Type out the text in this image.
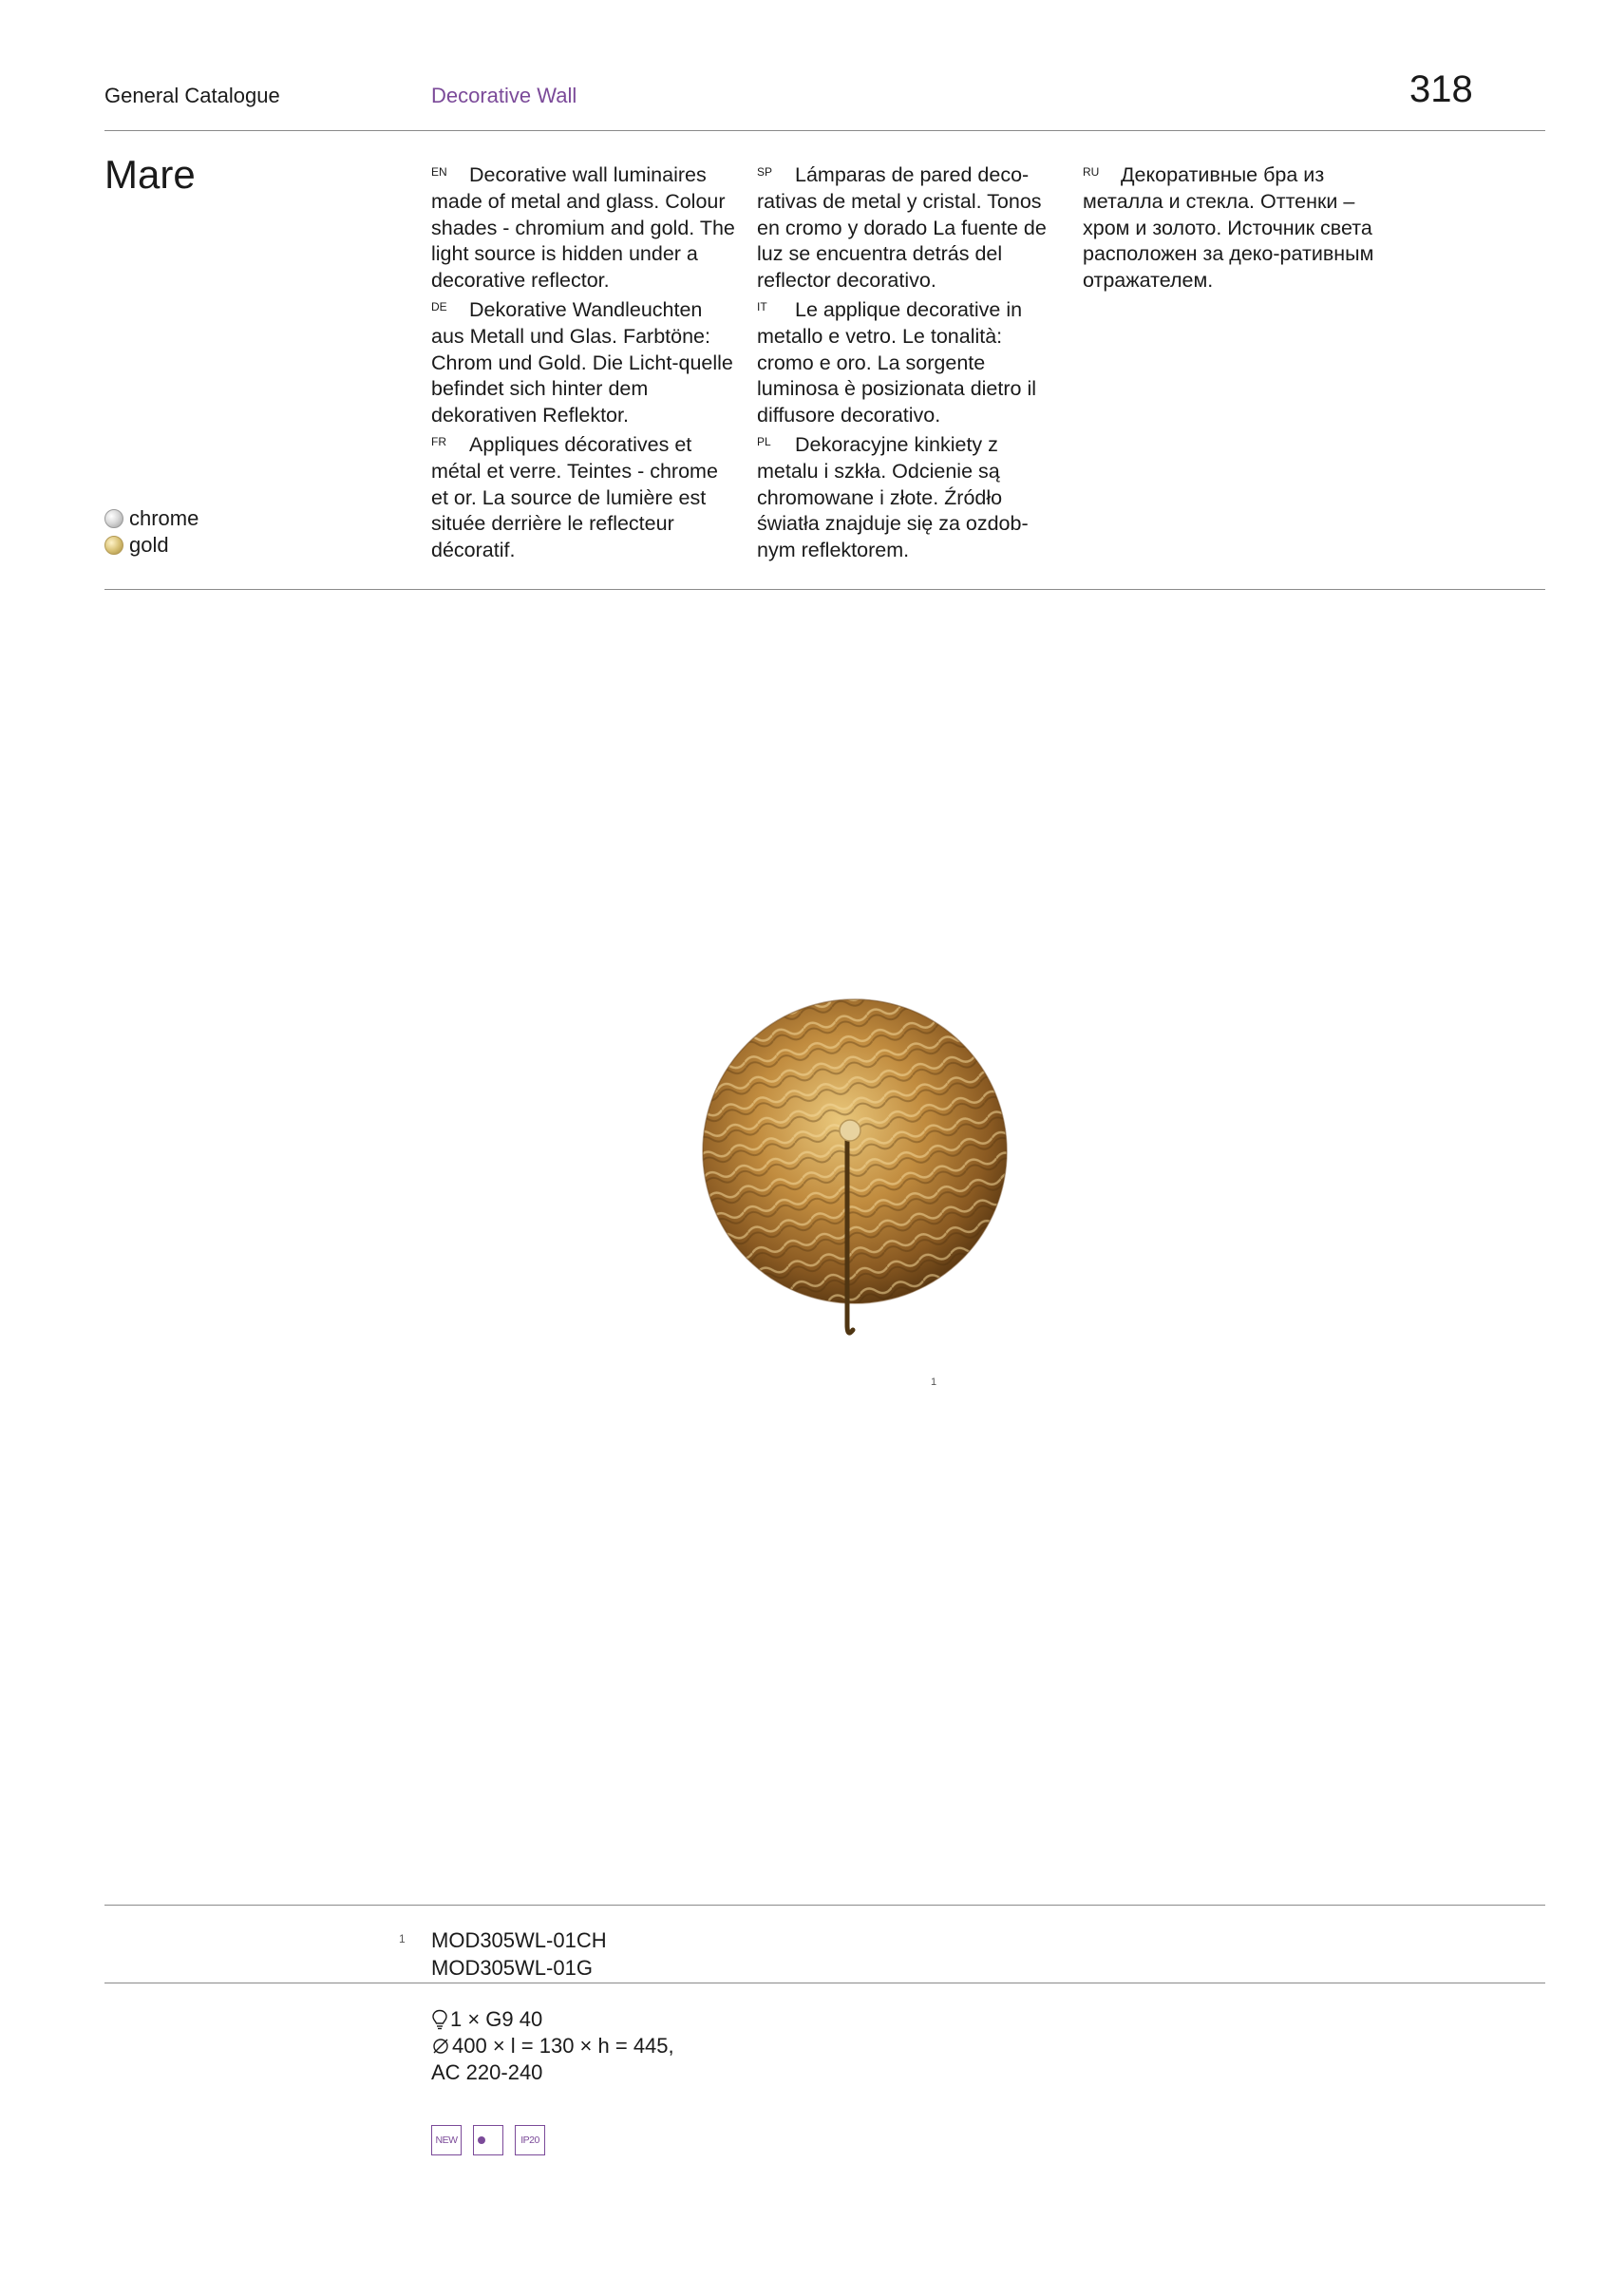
General Catalogue	Decorative Wall	318
Mare	EN Decorative wall luminaires made of metal and glass. Colour shades - chromium and gold. The light source is hidden under a decorative reflector.

DE Dekorative Wandleuchten aus Metall und Glas. Farbtöne: Chrom und Gold. Die Licht-quelle befindet sich hinter dem dekorativen Reflektor.

FR Appliques décoratives et métal et verre. Teintes - chrome et or. La source de lumière est située derrière le reflecteur décoratif.

SP Lámparas de pared deco-rativas de metal y cristal. Tonos en cromo y dorado La fuente de luz se encuentra detrás del reflector decorativo.

IT Le applique decorative in metallo e vetro. Le tonalità: cromo e oro. La sorgente luminosa è posizionata dietro il diffusore decorativo.

PL Dekoracyjne kinkiety z metalu i szkła. Odcienie są chromowane i złote. Źródło światła znajduje się za ozdob-nym reflektorem.

RU Декоративные бра из металла и стекла. Оттенки – хром и золото. Источник света расположен за деко-ративным отражателем.

chrome
gold
1
1 MOD305WL-01CH
MOD305WL-01G
1 × G9 40
400 × l = 130 × h = 445,
AC 220-240
NEW	IP20
